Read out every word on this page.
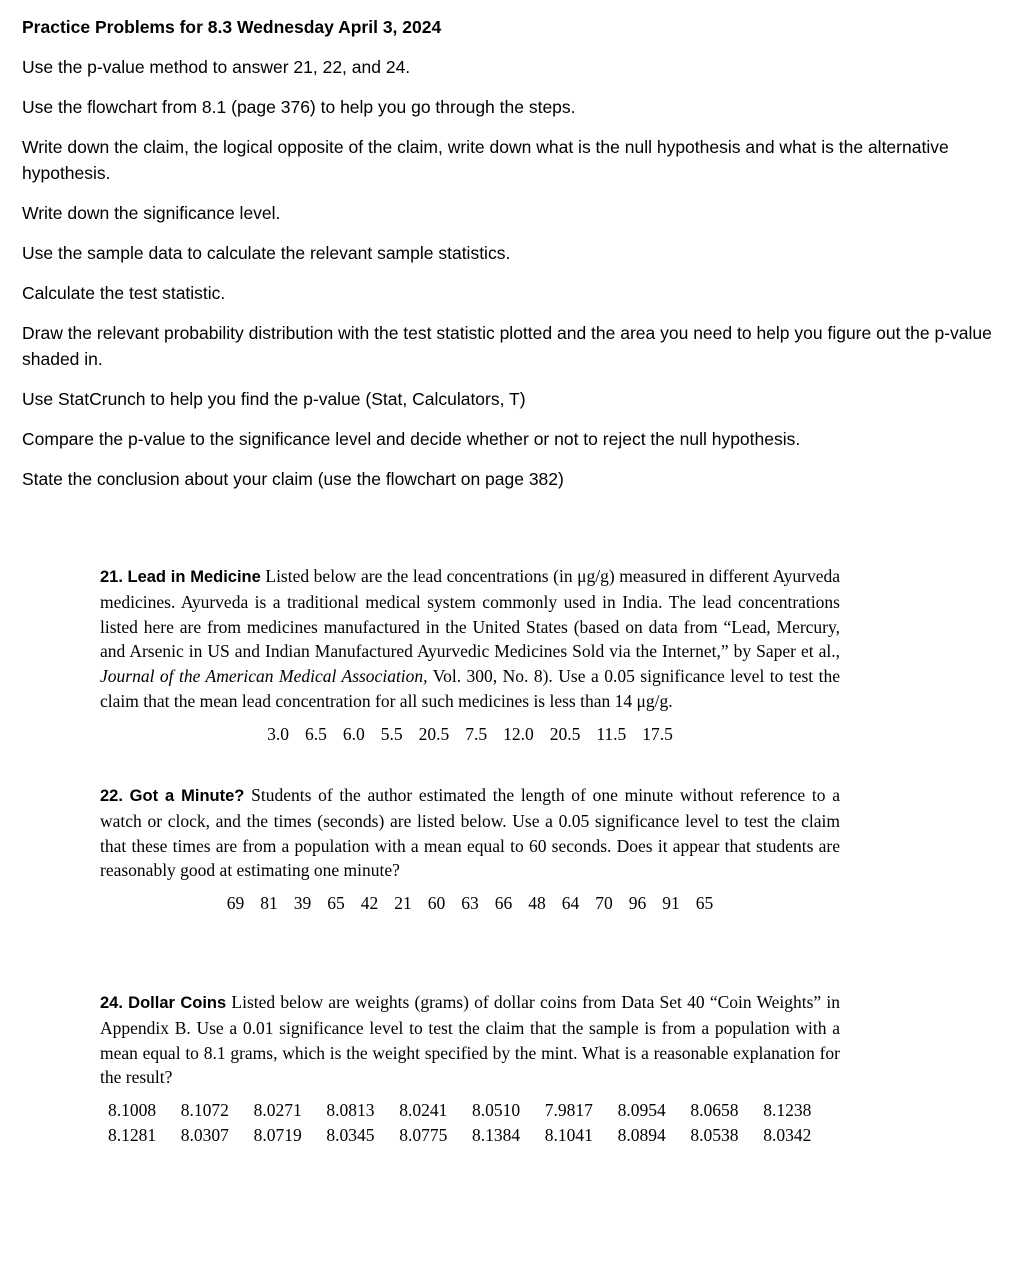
Practice Problems for 8.3 Wednesday April 3, 2024

Use the p-value method to answer 21, 22, and 24.

Use the flowchart from 8.1 (page 376) to help you go through the steps.

Write down the claim, the logical opposite of the claim, write down what is the null hypothesis and what is the alternative hypothesis.

Write down the significance level.

Use the sample data to calculate the relevant sample statistics.

Calculate the test statistic.

Draw the relevant probability distribution with the test statistic plotted and the area you need to help you figure out the p-value shaded in.

Use StatCrunch to help you find the p-value (Stat, Calculators, T)

Compare the p-value to the significance level and decide whether or not to reject the null hypothesis.

State the conclusion about your claim (use the flowchart on page 382)

21. Lead in Medicine Listed below are the lead concentrations (in μg/g) measured in different Ayurveda medicines. Ayurveda is a traditional medical system commonly used in India. The lead concentrations listed here are from medicines manufactured in the United States (based on data from “Lead, Mercury, and Arsenic in US and Indian Manufactured Ayurvedic Medicines Sold via the Internet,” by Saper et al., Journal of the American Medical Association, Vol. 300, No. 8). Use a 0.05 significance level to test the claim that the mean lead concentration for all such medicines is less than 14 μg/g.

3.0 6.5 6.0 5.5 20.5 7.5 12.0 20.5 11.5 17.5

22. Got a Minute? Students of the author estimated the length of one minute without reference to a watch or clock, and the times (seconds) are listed below. Use a 0.05 significance level to test the claim that these times are from a population with a mean equal to 60 seconds. Does it appear that students are reasonably good at estimating one minute?

69 81 39 65 42 21 60 63 66 48 64 70 96 91 65

24. Dollar Coins Listed below are weights (grams) of dollar coins from Data Set 40 “Coin Weights” in Appendix B. Use a 0.01 significance level to test the claim that the sample is from a population with a mean equal to 8.1 grams, which is the weight specified by the mint. What is a reasonable explanation for the result?

8.1008	8.1072	8.0271	8.0813	8.0241	8.0510	7.9817	8.0954	8.0658	8.1238
8.1281	8.0307	8.0719	8.0345	8.0775	8.1384	8.1041	8.0894	8.0538	8.0342
